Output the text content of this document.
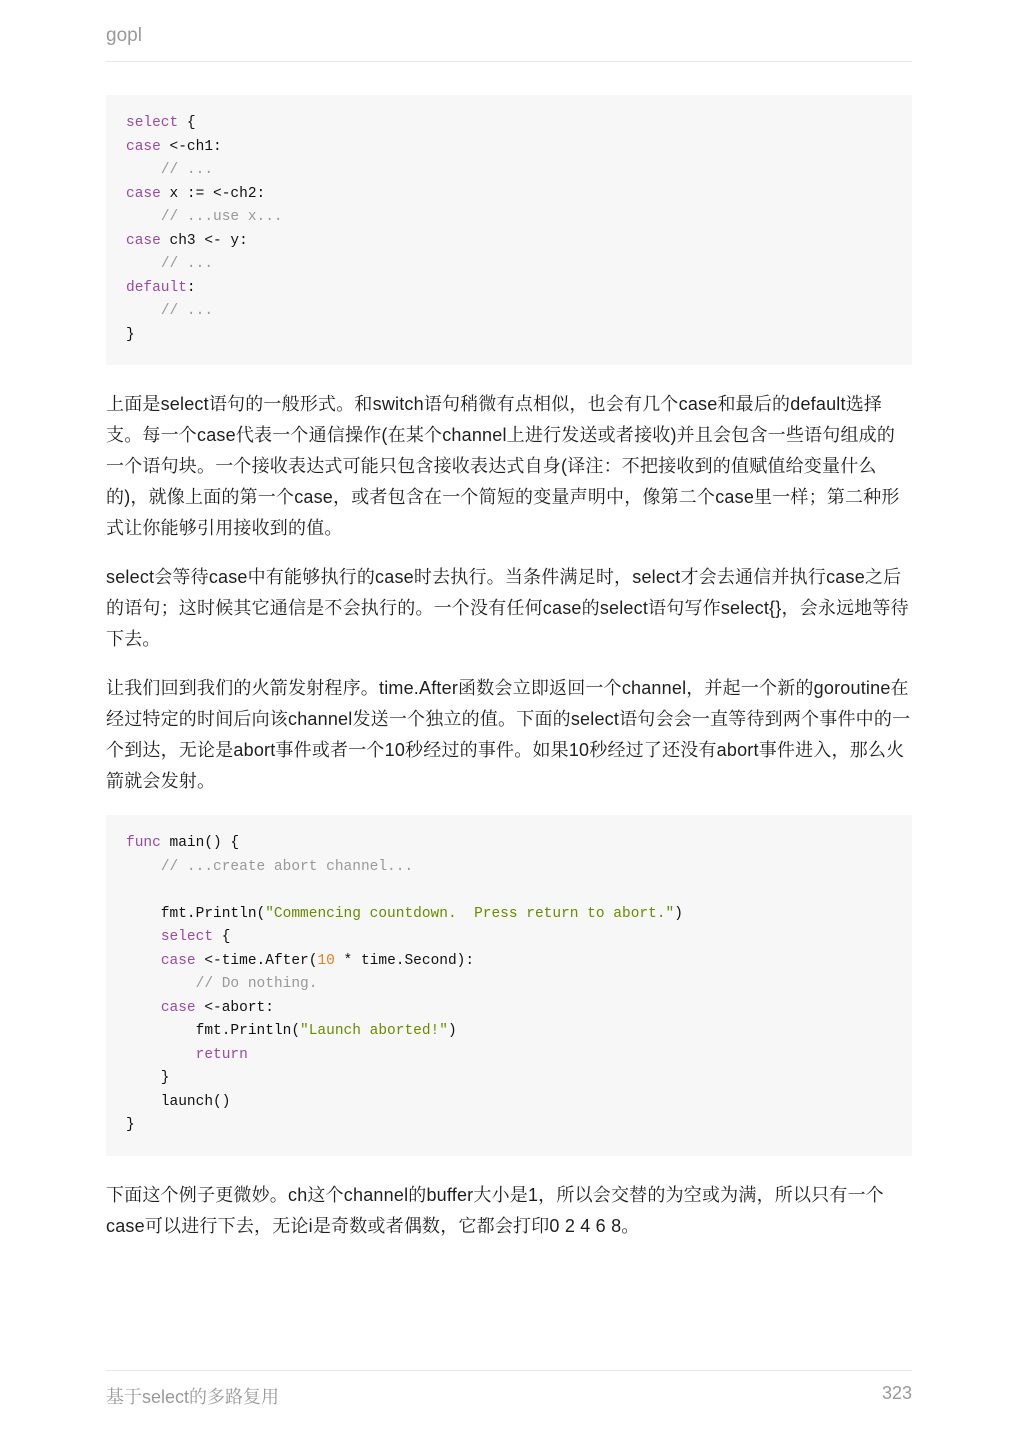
gopl
select {
case <-ch1:
// ...
case x := <-ch2:
// ...use x...
case ch3 <- y:
// ...
default:
// ...
}

上面是select语句的一般形式。和switch语句稍微有点相似，也会有几个case和最后的default选择支。每一个case代表一个通信操作(在某个channel上进行发送或者接收)并且会包含一些语句组成的一个语句块。一个接收表达式可能只包含接收表达式自身(译注：不把接收到的值赋值给变量什么的)，就像上面的第一个case，或者包含在一个简短的变量声明中，像第二个case里一样；第二种形式让你能够引用接收到的值。

select会等待case中有能够执行的case时去执行。当条件满足时，select才会去通信并执行case之后的语句；这时候其它通信是不会执行的。一个没有任何case的select语句写作select{}，会永远地等待下去。

让我们回到我们的火箭发射程序。time.After函数会立即返回一个channel，并起一个新的goroutine在经过特定的时间后向该channel发送一个独立的值。下面的select语句会会一直等待到两个事件中的一个到达，无论是abort事件或者一个10秒经过的事件。如果10秒经过了还没有abort事件进入，那么火箭就会发射。

func main() {
// ...create abort channel...
fmt.Println("Commencing countdown.  Press return to abort.")
select {
case <-time.After(10 * time.Second):
// Do nothing.
case <-abort:
fmt.Println("Launch aborted!")
return
}
launch()
}

下面这个例子更微妙。ch这个channel的buffer大小是1，所以会交替的为空或为满，所以只有一个case可以进行下去，无论i是奇数或者偶数，它都会打印0 2 4 6 8。

基于select的多路复用	323
